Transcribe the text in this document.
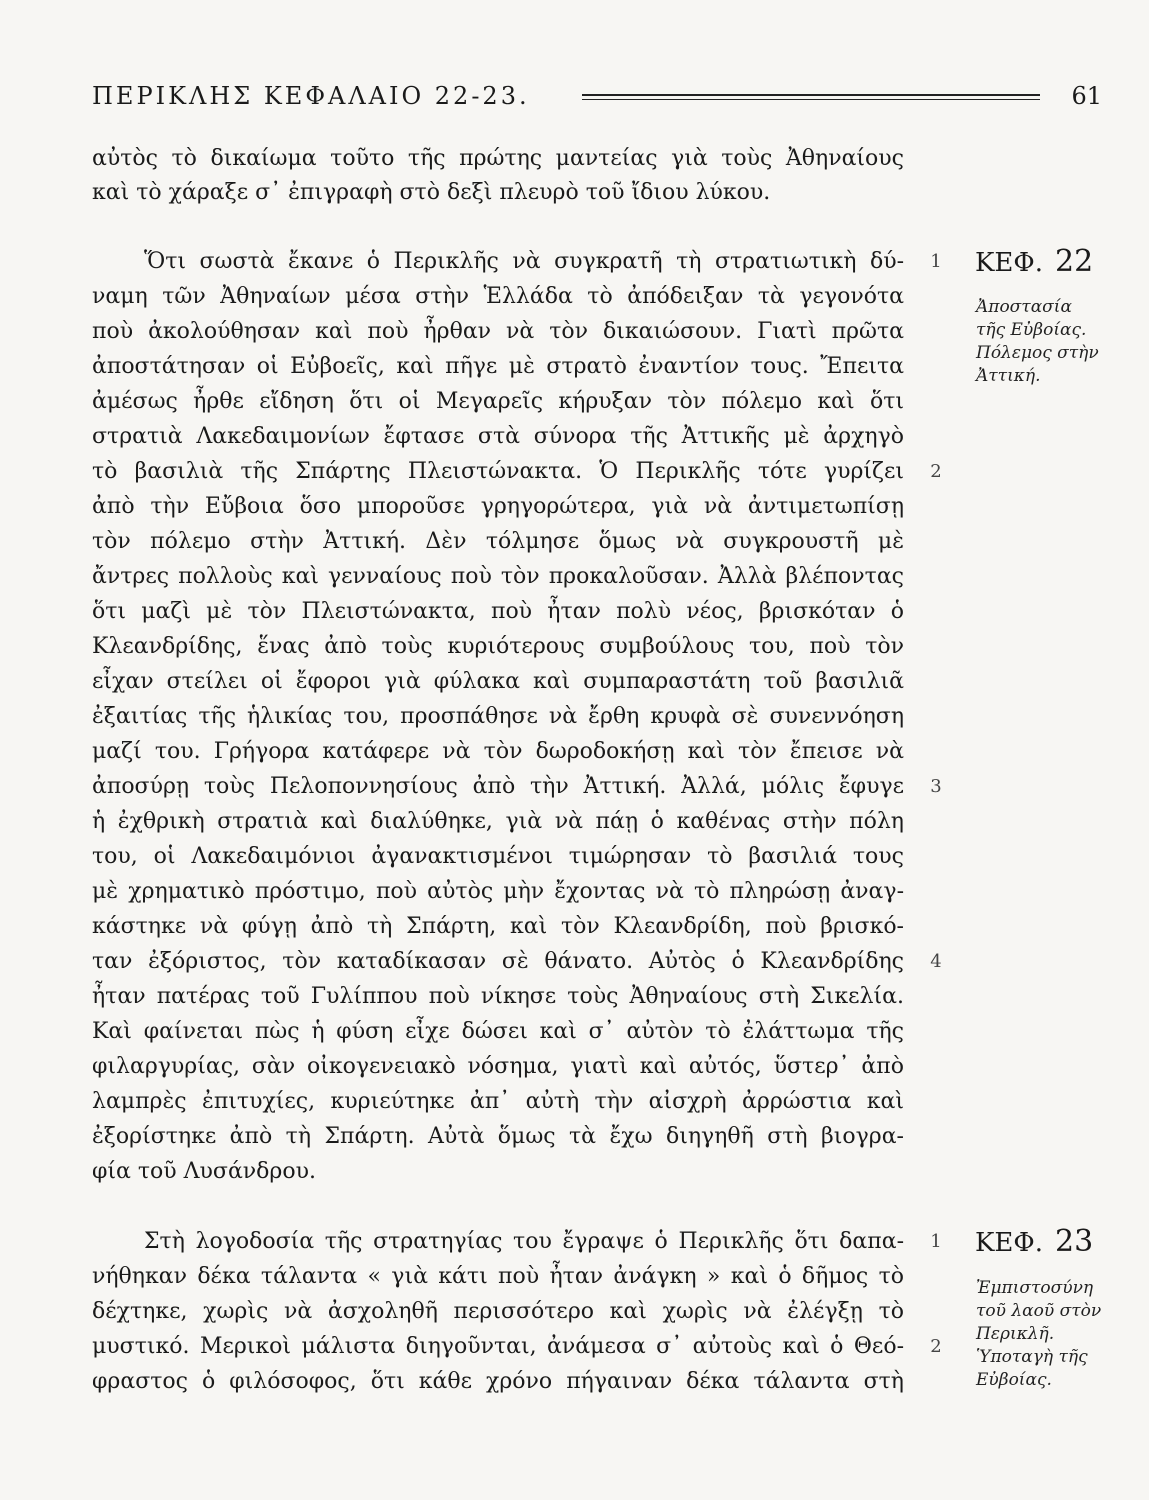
ΠΕΡΙΚΛΗΣ ΚΕΦΑΛΑΙΟ 22-23.	61
αὐτὸς τὸ δικαίωμα τοῦτο τῆς πρώτης μαντείας γιὰ τοὺς Ἀθηναίους
καὶ τὸ χάραξε σ᾽ ἐπιγραφὴ στὸ δεξὶ πλευρὸ τοῦ ἴδιου λύκου.
Ὅτι σωστὰ ἔκανε ὁ Περικλῆς νὰ συγκρατῆ τὴ στρατιωτικὴ δύ-
ναμη τῶν Ἀθηναίων μέσα στὴν Ἑλλάδα τὸ ἀπόδειξαν τὰ γεγονότα
ποὺ ἀκολούθησαν καὶ ποὺ ἦρθαν νὰ τὸν δικαιώσουν. Γιατὶ πρῶτα
ἀποστάτησαν οἱ Εὐβοεῖς, καὶ πῆγε μὲ στρατὸ ἐναντίον τους. Ἔπειτα
ἀμέσως ἦρθε εἴδηση ὅτι οἱ Μεγαρεῖς κήρυξαν τὸν πόλεμο καὶ ὅτι
στρατιὰ Λακεδαιμονίων ἔφτασε στὰ σύνορα τῆς Ἀττικῆς μὲ ἀρχηγὸ
τὸ βασιλιὰ τῆς Σπάρτης Πλειστώνακτα. Ὁ Περικλῆς τότε γυρίζει
ἀπὸ τὴν Εὔβοια ὅσο μποροῦσε γρηγορώτερα, γιὰ νὰ ἀντιμετωπίσῃ
τὸν πόλεμο στὴν Ἀττική. Δὲν τόλμησε ὅμως νὰ συγκρουστῆ μὲ
ἄντρες πολλοὺς καὶ γενναίους ποὺ τὸν προκαλοῦσαν. Ἀλλὰ βλέποντας
ὅτι μαζὶ μὲ τὸν Πλειστώνακτα, ποὺ ἦταν πολὺ νέος, βρισκόταν ὁ
Κλεανδρίδης, ἕνας ἀπὸ τοὺς κυριότερους συμβούλους του, ποὺ τὸν
εἶχαν στείλει οἱ ἔφοροι γιὰ φύλακα καὶ συμπαραστάτη τοῦ βασιλιᾶ
ἐξαιτίας τῆς ἡλικίας του, προσπάθησε νὰ ἔρθη κρυφὰ σὲ συνεννόηση
μαζί του. Γρήγορα κατάφερε νὰ τὸν δωροδοκήσῃ καὶ τὸν ἔπεισε νὰ
ἀποσύρῃ τοὺς Πελοποννησίους ἀπὸ τὴν Ἀττική. Ἀλλά, μόλις ἔφυγε
ἡ ἐχθρικὴ στρατιὰ καὶ διαλύθηκε, γιὰ νὰ πάῃ ὁ καθένας στὴν πόλη
του, οἱ Λακεδαιμόνιοι ἀγανακτισμένοι τιμώρησαν τὸ βασιλιά τους
μὲ χρηματικὸ πρόστιμο, ποὺ αὐτὸς μὴν ἔχοντας νὰ τὸ πληρώσῃ ἀναγ-
κάστηκε νὰ φύγῃ ἀπὸ τὴ Σπάρτη, καὶ τὸν Κλεανδρίδη, ποὺ βρισκό-
ταν ἐξόριστος, τὸν καταδίκασαν σὲ θάνατο. Αὐτὸς ὁ Κλεανδρίδης
ἦταν πατέρας τοῦ Γυλίππου ποὺ νίκησε τοὺς Ἀθηναίους στὴ Σικελία.
Καὶ φαίνεται πὼς ἡ φύση εἶχε δώσει καὶ σ᾽ αὐτὸν τὸ ἐλάττωμα τῆς
φιλαργυρίας, σὰν οἰκογενειακὸ νόσημα, γιατὶ καὶ αὐτός, ὕστερ᾽ ἀπὸ
λαμπρὲς ἐπιτυχίες, κυριεύτηκε ἀπ᾽ αὐτὴ τὴν αἰσχρὴ ἀρρώστια καὶ
ἐξορίστηκε ἀπὸ τὴ Σπάρτη. Αὐτὰ ὅμως τὰ ἔχω διηγηθῆ στὴ βιογρα-
φία τοῦ Λυσάνδρου.
Στὴ λογοδοσία τῆς στρατηγίας του ἔγραψε ὁ Περικλῆς ὅτι δαπα-
νήθηκαν δέκα τάλαντα « γιὰ κάτι ποὺ ἦταν ἀνάγκη » καὶ ὁ δῆμος τὸ
δέχτηκε, χωρὶς νὰ ἀσχοληθῆ περισσότερο καὶ χωρὶς νὰ ἐλέγξῃ τὸ
μυστικό. Μερικοὶ μάλιστα διηγοῦνται, ἀνάμεσα σ᾽ αὐτοὺς καὶ ὁ Θεό-
φραστος ὁ φιλόσοφος, ὅτι κάθε χρόνο πήγαιναν δέκα τάλαντα στὴ
1
2
3
4
1
2
ΚΕΦ. 22
Ἀποστασία
τῆς Εὐβοίας.
Πόλεμος στὴν
Ἀττική.
ΚΕΦ. 23
Ἐμπιστοσύνη
τοῦ λαοῦ στὸν
Περικλῆ.
Ὑποταγὴ τῆς
Εὐβοίας.
